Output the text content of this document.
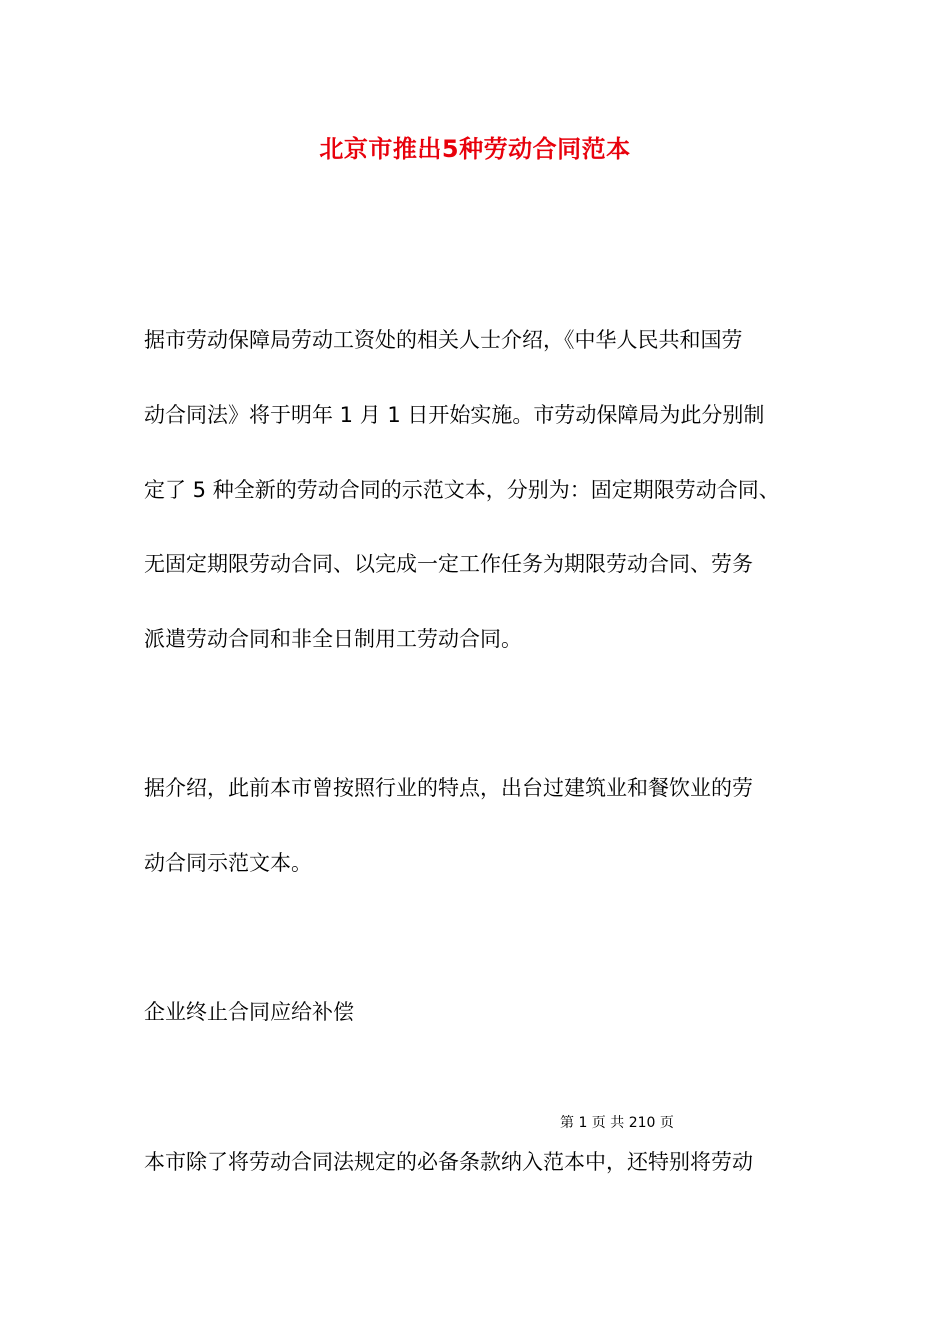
北京市推出5种劳动合同范本
据市劳动保障局劳动工资处的相关人士介绍，《中华人民共和国劳
动合同法》将于明年 1 月 1 日开始实施。市劳动保障局为此分别制
定了 5 种全新的劳动合同的示范文本，分别为：固定期限劳动合同、
无固定期限劳动合同、以完成一定工作任务为期限劳动合同、劳务
派遣劳动合同和非全日制用工劳动合同。
据介绍，此前本市曾按照行业的特点，出台过建筑业和餐饮业的劳
动合同示范文本。
企业终止合同应给补偿
第 1 页 共 210 页
本市除了将劳动合同法规定的必备条款纳入范本中，还特别将劳动
